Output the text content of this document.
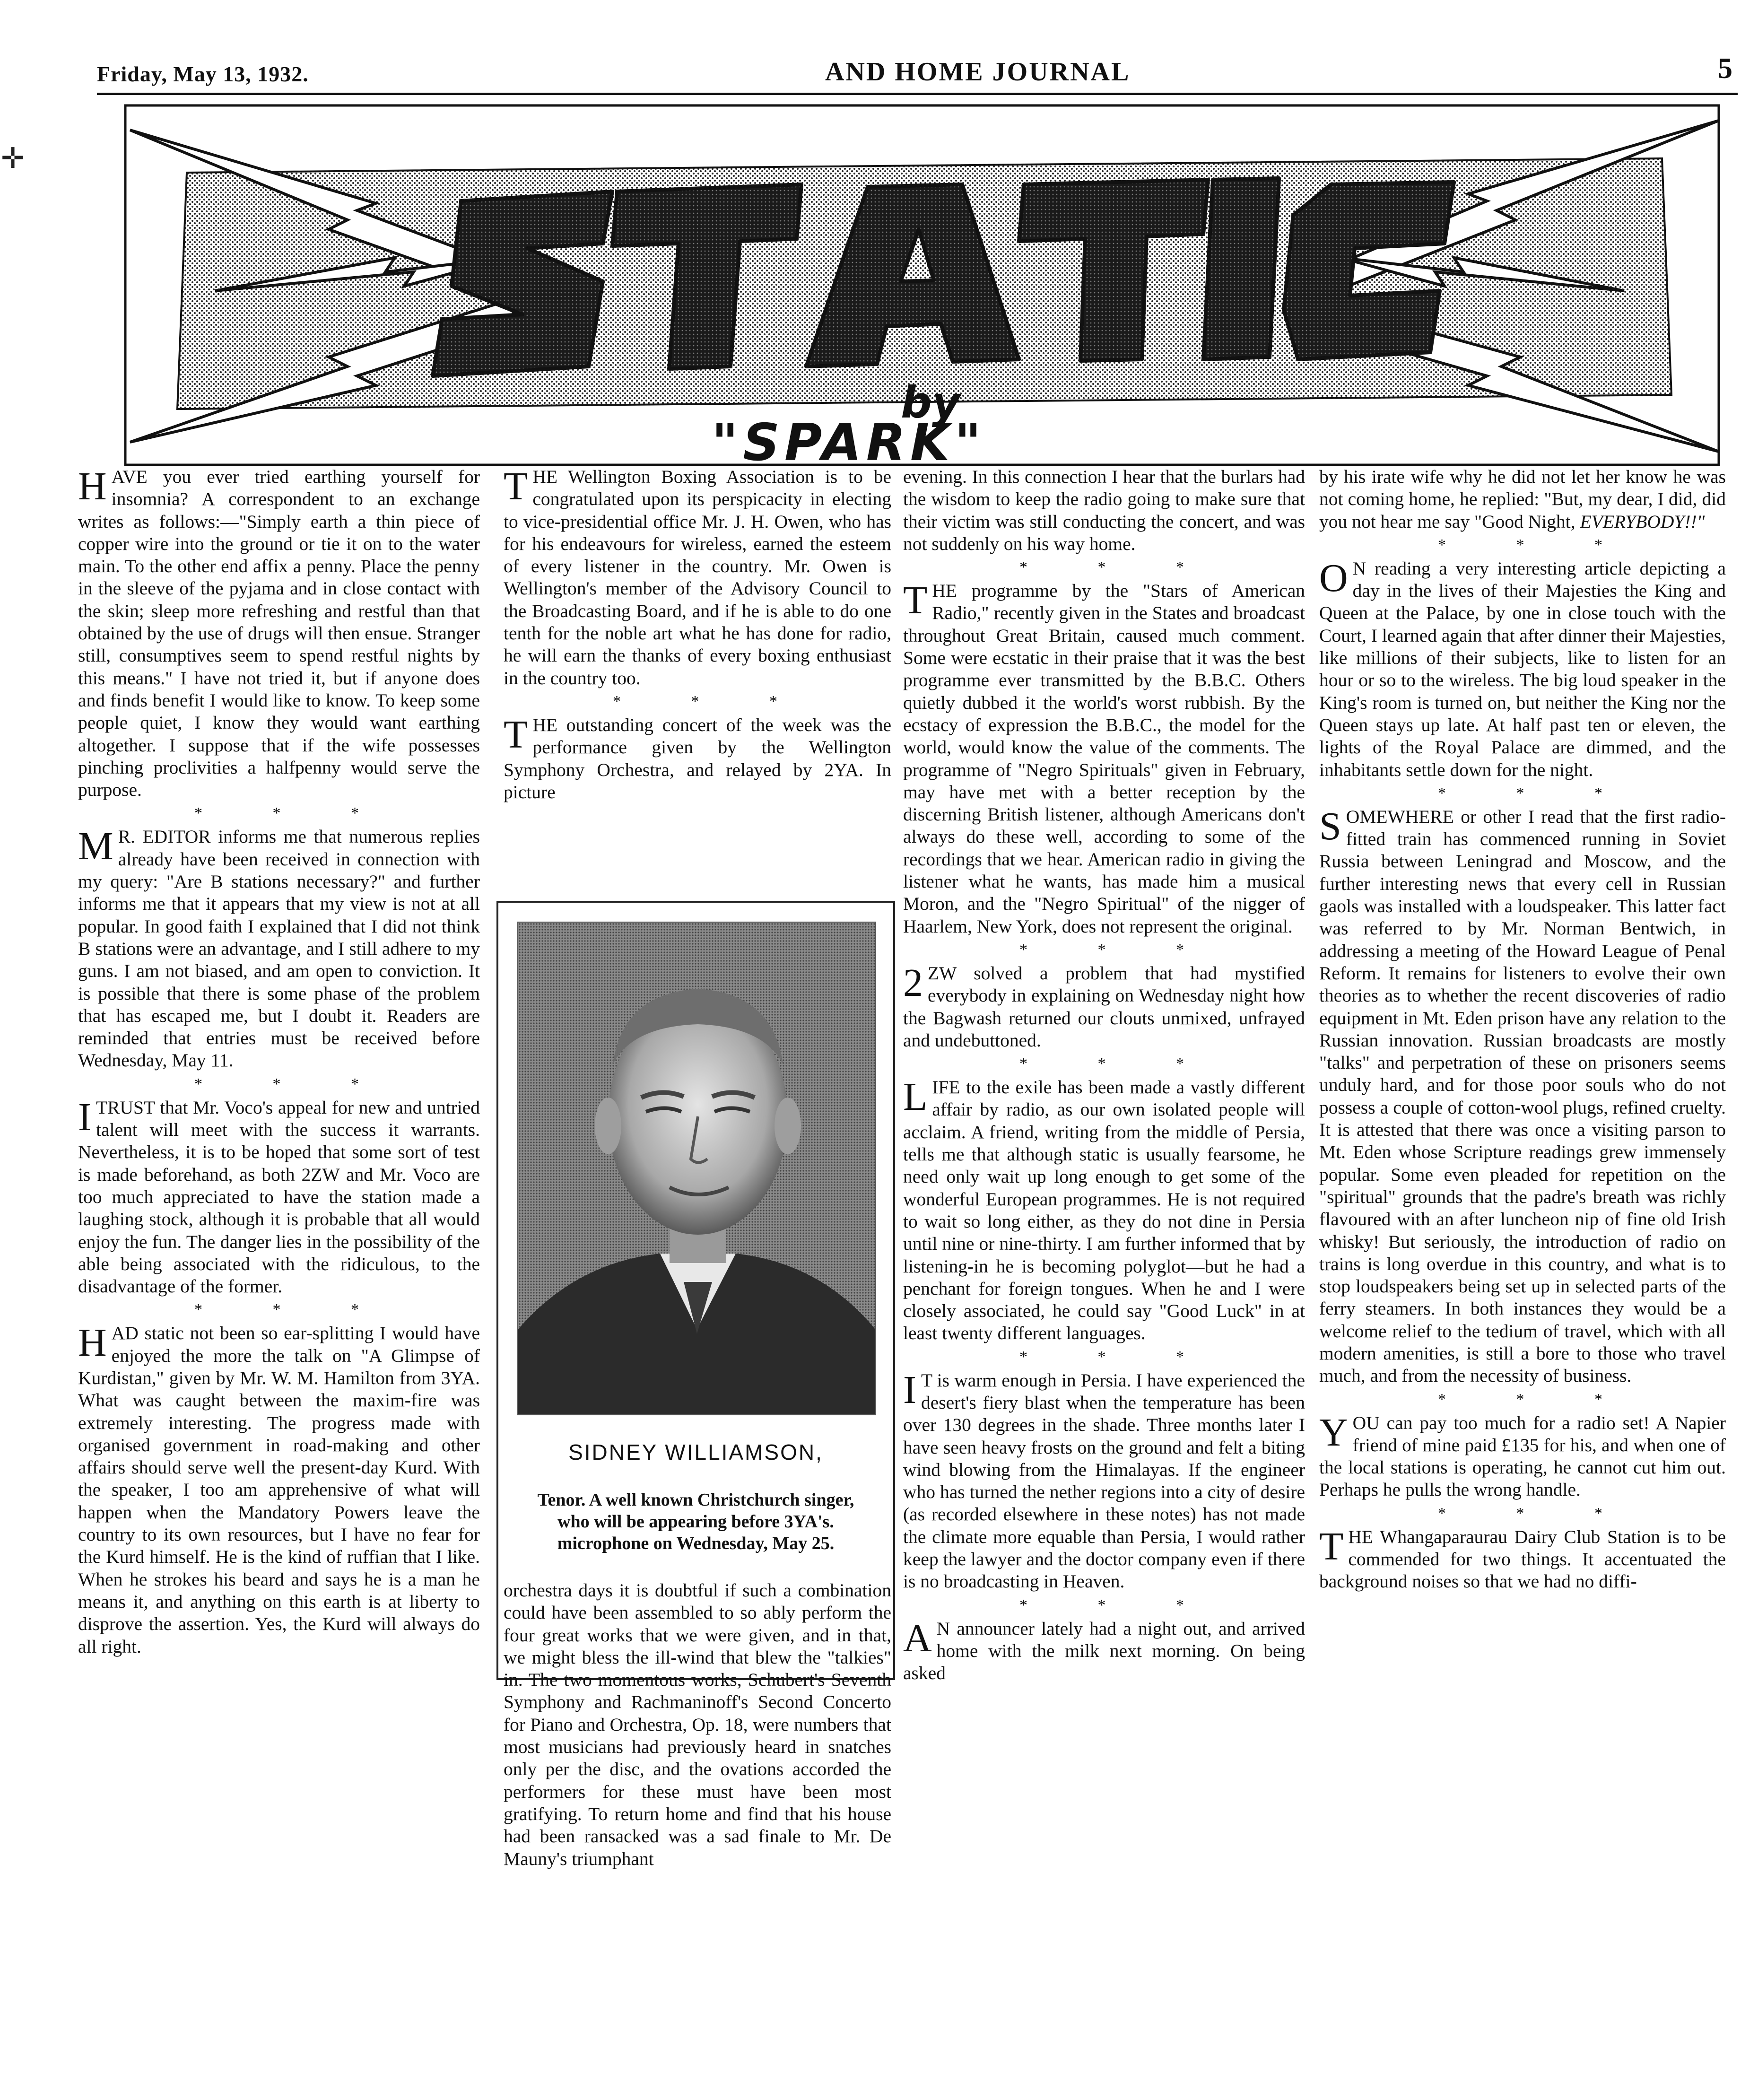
Friday, May 13, 1932.	AND HOME JOURNAL	5
✛
by
"SPARK"
H AVE you ever tried earthing yourself for insomnia? A correspondent to an exchange writes as follows:—"Simply earth a thin piece of copper wire into the ground or tie it on to the water main. To the other end affix a penny. Place the penny in the sleeve of the pyjama and in close contact with the skin; sleep more refreshing and restful than that obtained by the use of drugs will then ensue. Stranger still, consumptives seem to spend restful nights by this means." I have not tried it, but if anyone does and finds benefit I would like to know. To keep some people quiet, I know they would want earthing altogether. I suppose that if the wife possesses pinching proclivities a halfpenny would serve the purpose.

* * *

M R. EDITOR informs me that numerous replies already have been received in connection with my query: "Are B stations necessary?" and further informs me that it appears that my view is not at all popular. In good faith I explained that I did not think B stations were an advantage, and I still adhere to my guns. I am not biased, and am open to conviction. It is possible that there is some phase of the problem that has escaped me, but I doubt it. Readers are reminded that entries must be received before Wednesday, May 11.

* * *

I TRUST that Mr. Voco's appeal for new and untried talent will meet with the success it warrants. Nevertheless, it is to be hoped that some sort of test is made beforehand, as both 2ZW and Mr. Voco are too much appreciated to have the station made a laughing stock, although it is probable that all would enjoy the fun. The danger lies in the possibility of the able being associated with the ridiculous, to the disadvantage of the former.

* * *

H AD static not been so ear-splitting I would have enjoyed the more the talk on "A Glimpse of Kurdistan," given by Mr. W. M. Hamilton from 3YA. What was caught between the maxim-fire was extremely interesting. The progress made with organised government in road-making and other affairs should serve well the present-day Kurd. With the speaker, I too am apprehensive of what will happen when the Mandatory Powers leave the country to its own resources, but I have no fear for the Kurd himself. He is the kind of ruffian that I like. When he strokes his beard and says he is a man he means it, and anything on this earth is at liberty to disprove the assertion. Yes, the Kurd will always do all right.

T HE Wellington Boxing Association is to be congratulated upon its perspicacity in electing to vice-presidential office Mr. J. H. Owen, who has for his endeavours for wireless, earned the esteem of every listener in the country. Mr. Owen is Wellington's member of the Advisory Council to the Broadcasting Board, and if he is able to do one tenth for the noble art what he has done for radio, he will earn the thanks of every boxing enthusiast in the country too.

* * *

T HE outstanding concert of the week was the performance given by the Wellington Symphony Orchestra, and relayed by 2YA. In picture

SIDNEY WILLIAMSON,
Tenor. A well known Christchurch singer, who will be appearing before 3YA's. microphone on Wednesday, May 25.

orchestra days it is doubtful if such a combination could have been assembled to so ably perform the four great works that we were given, and in that, we might bless the ill-wind that blew the "talkies" in. The two momentous works, Schubert's Seventh Symphony and Rachmaninoff's Second Concerto for Piano and Orchestra, Op. 18, were numbers that most musicians had previously heard in snatches only per the disc, and the ovations accorded the performers for these must have been most gratifying. To return home and find that his house had been ransacked was a sad finale to Mr. De Mauny's triumphant

evening. In this connection I hear that the burlars had the wisdom to keep the radio going to make sure that their victim was still conducting the concert, and was not suddenly on his way home.

* * *

T HE programme by the "Stars of American Radio," recently given in the States and broadcast throughout Great Britain, caused much comment. Some were ecstatic in their praise that it was the best programme ever transmitted by the B.B.C. Others quietly dubbed it the world's worst rubbish. By the ecstacy of expression the B.B.C., the model for the world, would know the value of the comments. The programme of "Negro Spirituals" given in February, may have met with a better reception by the discerning British listener, although Americans don't always do these well, according to some of the recordings that we hear. American radio in giving the listener what he wants, has made him a musical Moron, and the "Negro Spiritual" of the nigger of Haarlem, New York, does not represent the original.

* * *

2 ZW solved a problem that had mystified everybody in explaining on Wednesday night how the Bagwash returned our clouts unmixed, unfrayed and undebuttoned.

* * *

L IFE to the exile has been made a vastly different affair by radio, as our own isolated people will acclaim. A friend, writing from the middle of Persia, tells me that although static is usually fearsome, he need only wait up long enough to get some of the wonderful European programmes. He is not required to wait so long either, as they do not dine in Persia until nine or nine-thirty. I am further informed that by listening-in he is becoming polyglot—but he had a penchant for foreign tongues. When he and I were closely associated, he could say "Good Luck" in at least twenty different languages.

* * *

I T is warm enough in Persia. I have experienced the desert's fiery blast when the temperature has been over 130 degrees in the shade. Three months later I have seen heavy frosts on the ground and felt a biting wind blowing from the Himalayas. If the engineer who has turned the nether regions into a city of desire (as recorded elsewhere in these notes) has not made the climate more equable than Persia, I would rather keep the lawyer and the doctor company even if there is no broadcasting in Heaven.

* * *

A N announcer lately had a night out, and arrived home with the milk next morning. On being asked

by his irate wife why he did not let her know he was not coming home, he replied: "But, my dear, I did, did you not hear me say "Good Night, EVERYBODY!!"

* * *

O N reading a very interesting article depicting a day in the lives of their Majesties the King and Queen at the Palace, by one in close touch with the Court, I learned again that after dinner their Majesties, like millions of their subjects, like to listen for an hour or so to the wireless. The big loud speaker in the King's room is turned on, but neither the King nor the Queen stays up late. At half past ten or eleven, the lights of the Royal Palace are dimmed, and the inhabitants settle down for the night.

* * *

S OMEWHERE or other I read that the first radio-fitted train has commenced running in Soviet Russia between Leningrad and Moscow, and the further interesting news that every cell in Russian gaols was installed with a loudspeaker. This latter fact was referred to by Mr. Norman Bentwich, in addressing a meeting of the Howard League of Penal Reform. It remains for listeners to evolve their own theories as to whether the recent discoveries of radio equipment in Mt. Eden prison have any relation to the Russian innovation. Russian broadcasts are mostly "talks" and perpetration of these on prisoners seems unduly hard, and for those poor souls who do not possess a couple of cotton-wool plugs, refined cruelty. It is attested that there was once a visiting parson to Mt. Eden whose Scripture readings grew immensely popular. Some even pleaded for repetition on the "spiritual" grounds that the padre's breath was richly flavoured with an after luncheon nip of fine old Irish whisky! But seriously, the introduction of radio on trains is long overdue in this country, and what is to stop loudspeakers being set up in selected parts of the ferry steamers. In both instances they would be a welcome relief to the tedium of travel, which with all modern amenities, is still a bore to those who travel much, and from the necessity of business.

* * *

Y OU can pay too much for a radio set! A Napier friend of mine paid £135 for his, and when one of the local stations is operating, he cannot cut him out. Perhaps he pulls the wrong handle.

* * *

T HE Whangaparaurau Dairy Club Station is to be commended for two things. It accentuated the background noises so that we had no diffi-
